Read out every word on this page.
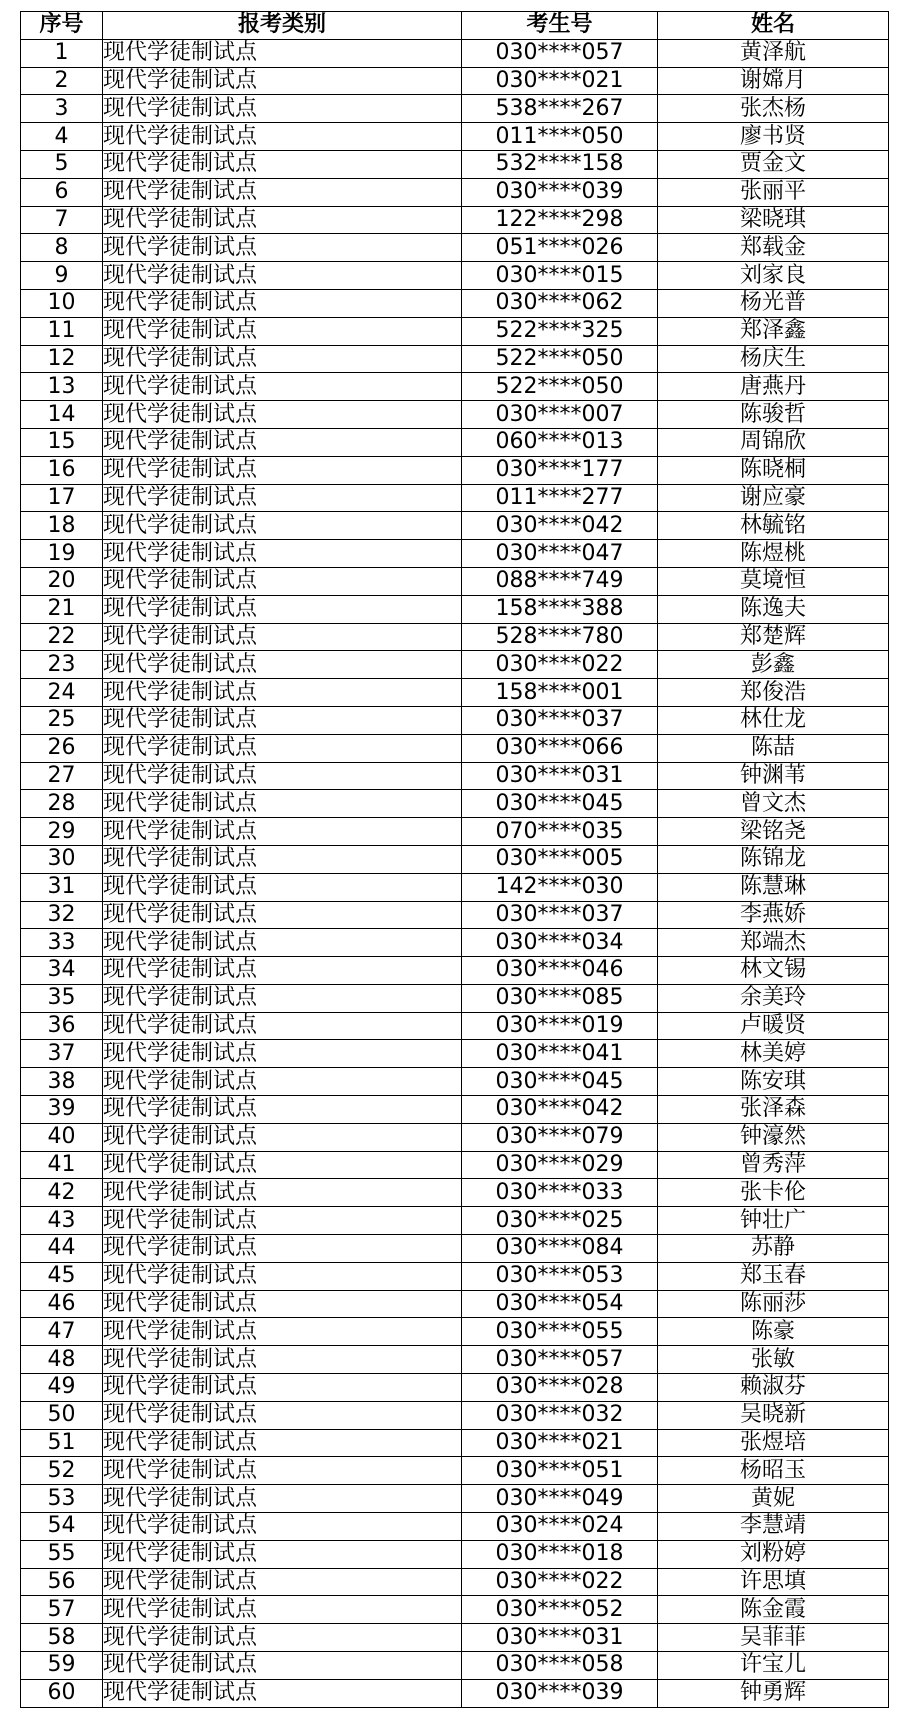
序号	报考类别	考生号	姓名
1	现代学徒制试点	030****057	黄泽航
2	现代学徒制试点	030****021	谢嫦月
3	现代学徒制试点	538****267	张杰杨
4	现代学徒制试点	011****050	廖书贤
5	现代学徒制试点	532****158	贾金文
6	现代学徒制试点	030****039	张丽平
7	现代学徒制试点	122****298	梁晓琪
8	现代学徒制试点	051****026	郑载金
9	现代学徒制试点	030****015	刘家良
10	现代学徒制试点	030****062	杨光普
11	现代学徒制试点	522****325	郑泽鑫
12	现代学徒制试点	522****050	杨庆生
13	现代学徒制试点	522****050	唐燕丹
14	现代学徒制试点	030****007	陈骏哲
15	现代学徒制试点	060****013	周锦欣
16	现代学徒制试点	030****177	陈晓桐
17	现代学徒制试点	011****277	谢应豪
18	现代学徒制试点	030****042	林毓铭
19	现代学徒制试点	030****047	陈煜桃
20	现代学徒制试点	088****749	莫境恒
21	现代学徒制试点	158****388	陈逸夫
22	现代学徒制试点	528****780	郑楚辉
23	现代学徒制试点	030****022	彭鑫
24	现代学徒制试点	158****001	郑俊浩
25	现代学徒制试点	030****037	林仕龙
26	现代学徒制试点	030****066	陈喆
27	现代学徒制试点	030****031	钟渊苇
28	现代学徒制试点	030****045	曾文杰
29	现代学徒制试点	070****035	梁铭尧
30	现代学徒制试点	030****005	陈锦龙
31	现代学徒制试点	142****030	陈慧琳
32	现代学徒制试点	030****037	李燕娇
33	现代学徒制试点	030****034	郑端杰
34	现代学徒制试点	030****046	林文锡
35	现代学徒制试点	030****085	余美玲
36	现代学徒制试点	030****019	卢暖贤
37	现代学徒制试点	030****041	林美婷
38	现代学徒制试点	030****045	陈安琪
39	现代学徒制试点	030****042	张泽森
40	现代学徒制试点	030****079	钟濠然
41	现代学徒制试点	030****029	曾秀萍
42	现代学徒制试点	030****033	张卡伦
43	现代学徒制试点	030****025	钟壮广
44	现代学徒制试点	030****084	苏静
45	现代学徒制试点	030****053	郑玉春
46	现代学徒制试点	030****054	陈丽莎
47	现代学徒制试点	030****055	陈豪
48	现代学徒制试点	030****057	张敏
49	现代学徒制试点	030****028	赖淑芬
50	现代学徒制试点	030****032	吴晓新
51	现代学徒制试点	030****021	张煜培
52	现代学徒制试点	030****051	杨昭玉
53	现代学徒制试点	030****049	黄妮
54	现代学徒制试点	030****024	李慧靖
55	现代学徒制试点	030****018	刘粉婷
56	现代学徒制试点	030****022	许思填
57	现代学徒制试点	030****052	陈金霞
58	现代学徒制试点	030****031	吴菲菲
59	现代学徒制试点	030****058	许宝儿
60	现代学徒制试点	030****039	钟勇辉
